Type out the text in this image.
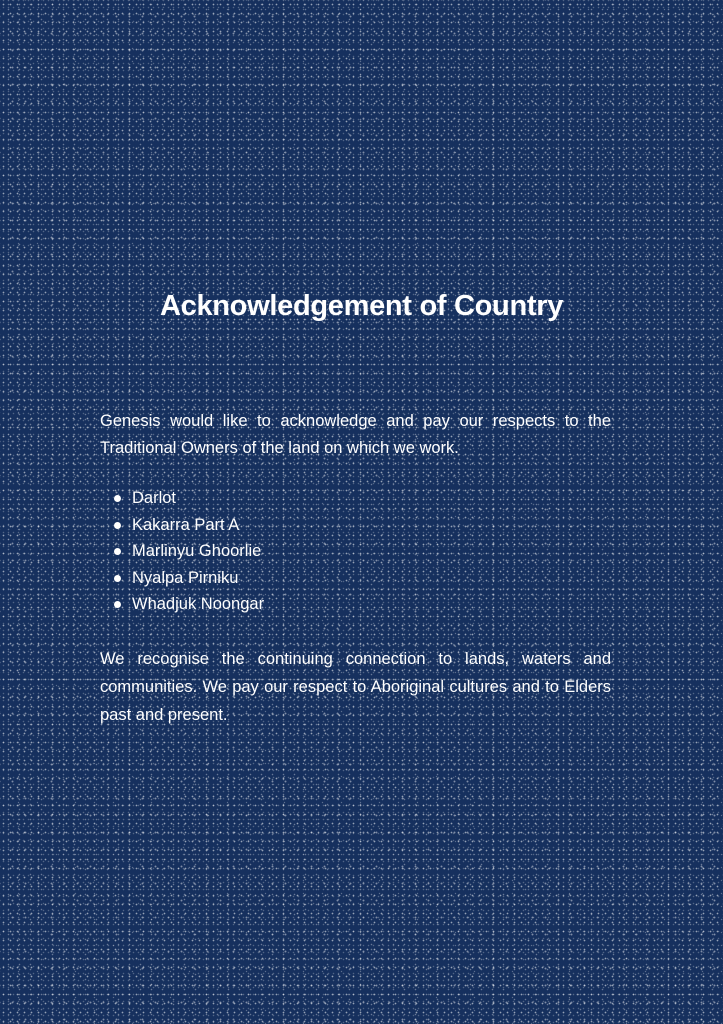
Acknowledgement of Country

Genesis would like to acknowledge and pay our respects to the Traditional Owners of the land on which we work.

Darlot
Kakarra Part A
Marlinyu Ghoorlie
Nyalpa Pirniku
Whadjuk Noongar

We recognise the continuing connection to lands, waters and communities. We pay our respect to Aboriginal cultures and to Elders past and present.
